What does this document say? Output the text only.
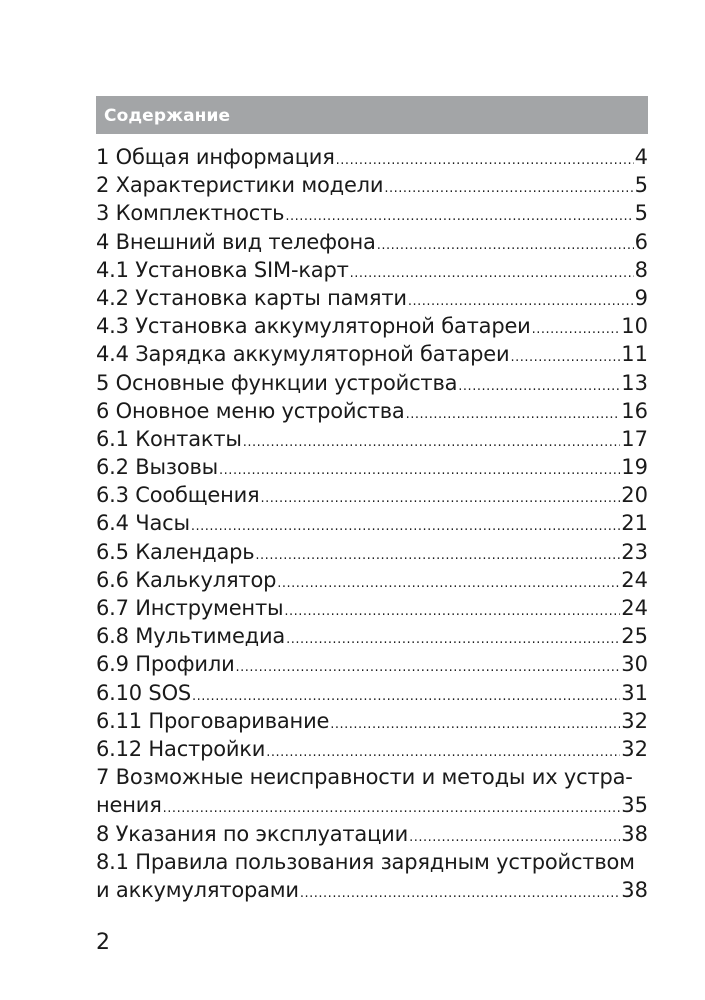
Содержание
1 Общая информация .....	4
2 Характеристики модели .....	5
3 Комплектность .....	5
4 Внешний вид телефона .....	6
4.1 Установка SIM-карт .....	8
4.2 Установка карты памяти .....	9
4.3 Установка аккумуляторной батареи .....	10
4.4 Зарядка аккумуляторной батареи .....	11
5 Основные функции устройства .....	13
6 Оновное меню устройства .....	16
6.1 Контакты .....	17
6.2 Вызовы .....	19
6.3 Сообщения .....	20
6.4 Часы .....	21
6.5 Календарь .....	23
6.6 Калькулятор .....	24
6.7 Инструменты .....	24
6.8 Мультимедиа .....	25
6.9 Профили .....	30
6.10 SOS .....	31
6.11 Проговаривание .....	32
6.12 Настройки .....	32
7 Возможные неисправности и методы их устра-
нения .....	35
8 Указания по эксплуатации .....	38
8.1 Правила пользования зарядным устройством
и аккумуляторами .....	38
2
